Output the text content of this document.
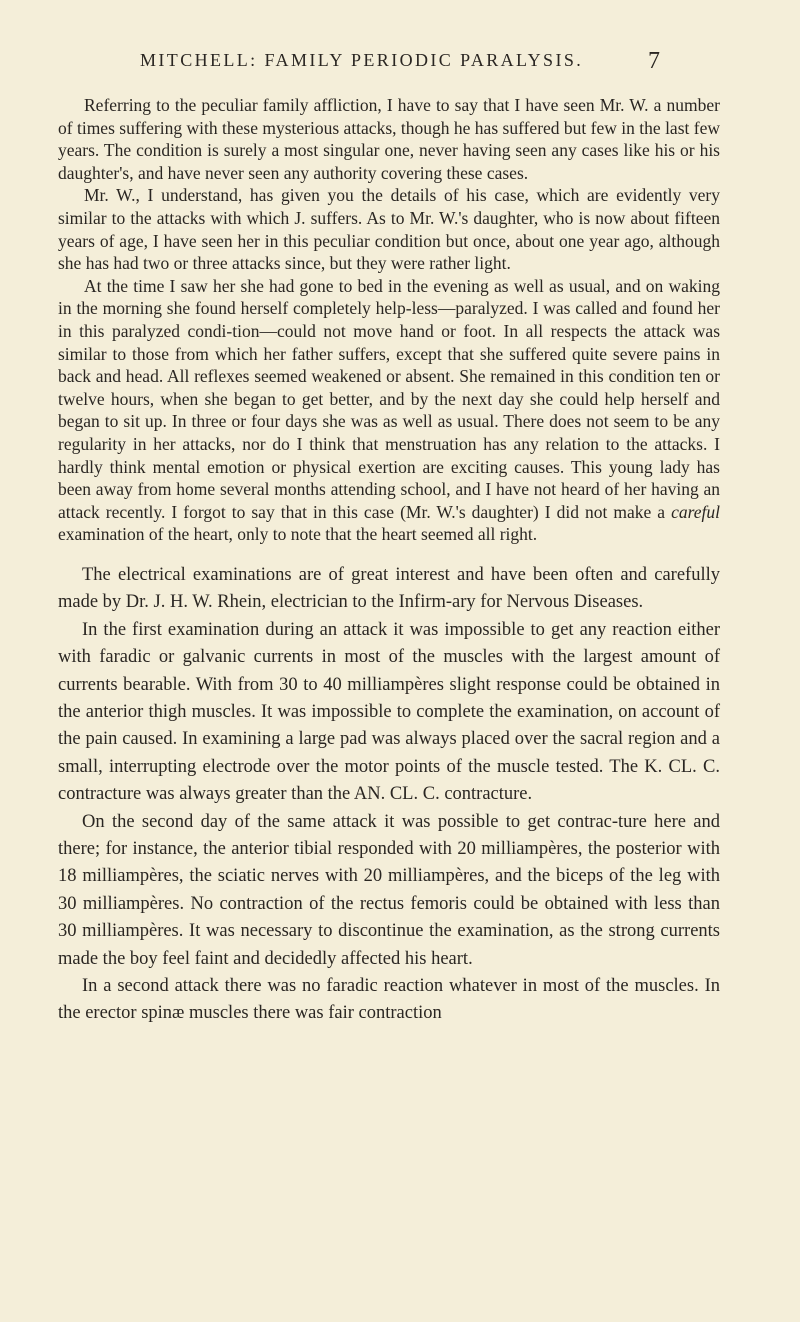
MITCHELL: FAMILY PERIODIC PARALYSIS.	7

Referring to the peculiar family affliction, I have to say that I have seen Mr. W. a number of times suffering with these mysterious attacks, though he has suffered but few in the last few years. The condition is surely a most singular one, never having seen any cases like his or his daughter's, and have never seen any authority covering these cases.

Mr. W., I understand, has given you the details of his case, which are evidently very similar to the attacks with which J. suffers. As to Mr. W.'s daughter, who is now about fifteen years of age, I have seen her in this peculiar condition but once, about one year ago, although she has had two or three attacks since, but they were rather light.

At the time I saw her she had gone to bed in the evening as well as usual, and on waking in the morning she found herself completely help-less—paralyzed. I was called and found her in this paralyzed condi-tion—could not move hand or foot. In all respects the attack was similar to those from which her father suffers, except that she suffered quite severe pains in back and head. All reflexes seemed weakened or absent. She remained in this condition ten or twelve hours, when she began to get better, and by the next day she could help herself and began to sit up. In three or four days she was as well as usual. There does not seem to be any regularity in her attacks, nor do I think that menstruation has any relation to the attacks. I hardly think mental emotion or physical exertion are exciting causes. This young lady has been away from home several months attending school, and I have not heard of her having an attack recently. I forgot to say that in this case (Mr. W.'s daughter) I did not make a careful examination of the heart, only to note that the heart seemed all right.

The electrical examinations are of great interest and have been often and carefully made by Dr. J. H. W. Rhein, electrician to the Infirm-ary for Nervous Diseases.

In the first examination during an attack it was impossible to get any reaction either with faradic or galvanic currents in most of the muscles with the largest amount of currents bearable. With from 30 to 40 milliampères slight response could be obtained in the anterior thigh muscles. It was impossible to complete the examination, on account of the pain caused. In examining a large pad was always placed over the sacral region and a small, interrupting electrode over the motor points of the muscle tested. The K. CL. C. contracture was always greater than the AN. CL. C. contracture.

On the second day of the same attack it was possible to get contrac-ture here and there; for instance, the anterior tibial responded with 20 milliampères, the posterior with 18 milliampères, the sciatic nerves with 20 milliampères, and the biceps of the leg with 30 milliampères. No contraction of the rectus femoris could be obtained with less than 30 milliampères. It was necessary to discontinue the examination, as the strong currents made the boy feel faint and decidedly affected his heart.

In a second attack there was no faradic reaction whatever in most of the muscles. In the erector spinæ muscles there was fair contraction
